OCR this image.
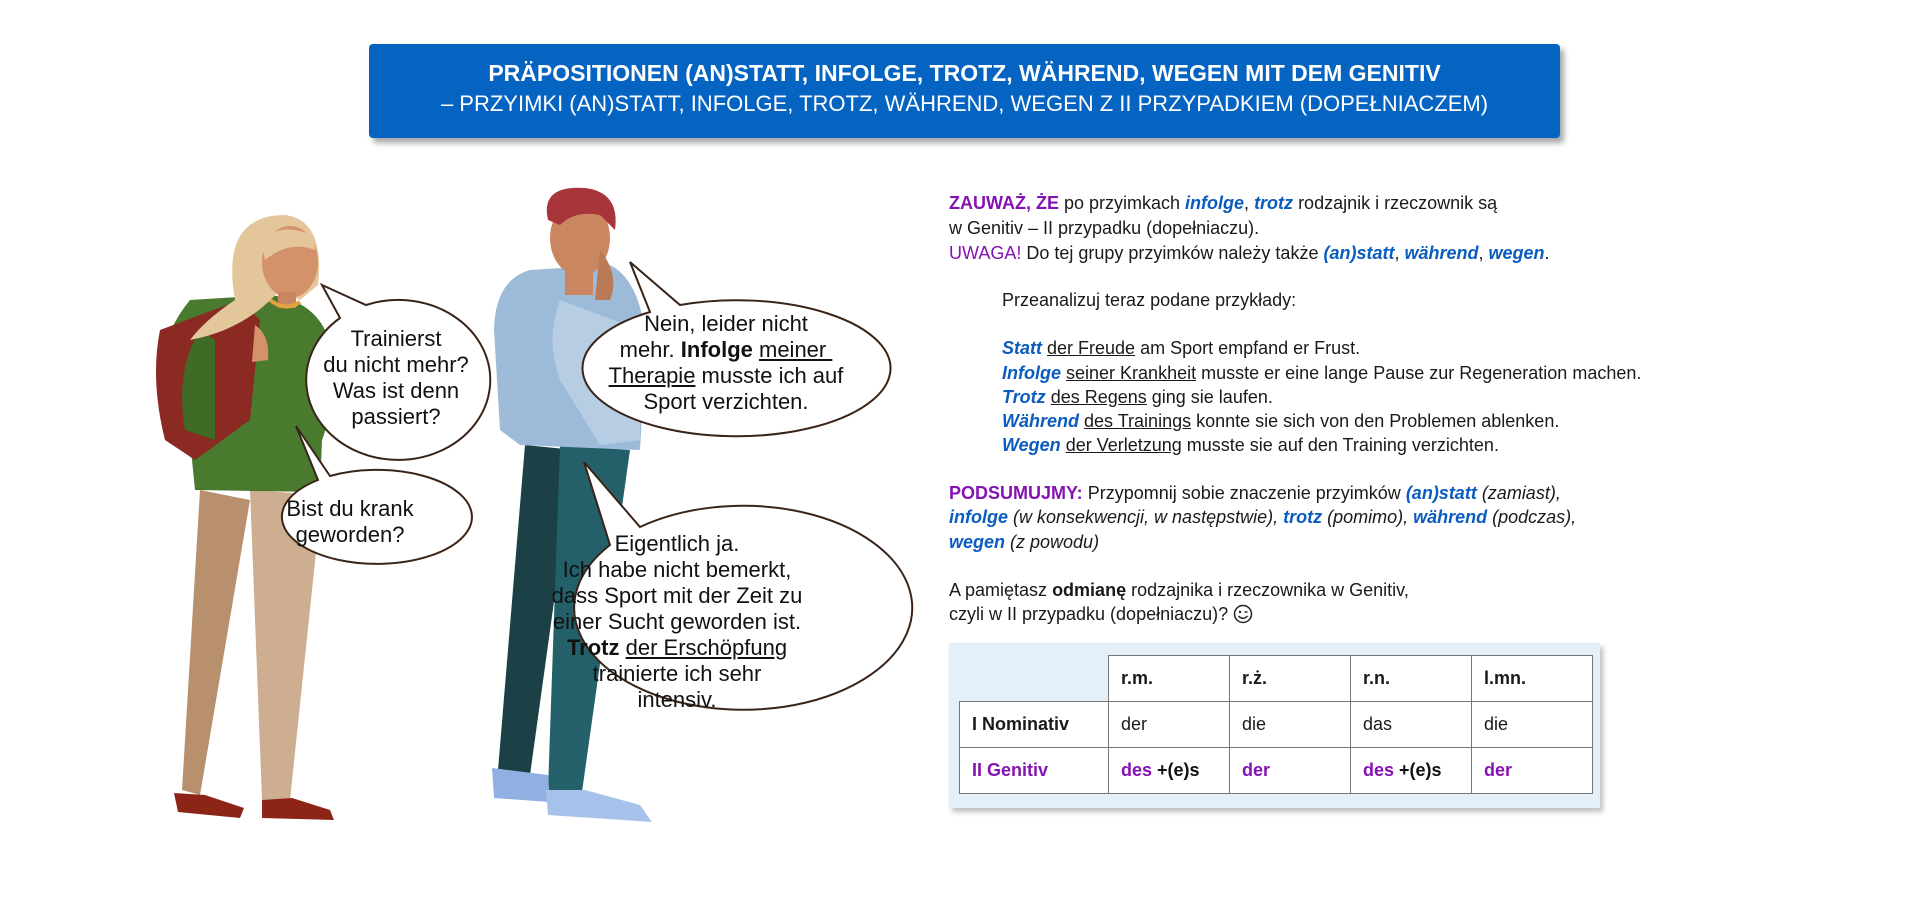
PRÄPOSITIONEN (AN)STATT, INFOLGE, TROTZ, WÄHREND, WEGEN MIT DEM GENITIV
– PRZYIMKI (AN)STATT, INFOLGE, TROTZ, WÄHREND, WEGEN Z II PRZYPADKIEM (DOPEŁNIACZEM)
Trainierst
du nicht mehr?
Was ist denn
passiert?
Bist du krank
geworden?
Nein, leider nicht
mehr. Infolge meiner
Therapie musste ich auf
Sport verzichten.
Eigentlich ja.
Ich habe nicht bemerkt,
dass Sport mit der Zeit zu
einer Sucht geworden ist.
Trotz der Erschöpfung
trainierte ich sehr
intensiv.
ZAUWAŻ, ŻE po przyimkach infolge, trotz rodzajnik i rzeczownik są
w Genitiv – II przypadku (dopełniaczu).
UWAGA! Do tej grupy przyimków należy także (an)statt, während, wegen.
Przeanalizuj teraz podane przykłady:
Statt der Freude am Sport empfand er Frust.
Infolge seiner Krankheit musste er eine lange Pause zur Regeneration machen.
Trotz des Regens ging sie laufen.
Während des Trainings konnte sie sich von den Problemen ablenken.
Wegen der Verletzung musste sie auf den Training verzichten.
PODSUMUJMY: Przypomnij sobie znaczenie przyimków (an)statt (zamiast),
infolge (w konsekwencji, w następstwie), trotz (pomimo), während (podczas),
wegen (z powodu)
A pamiętasz odmianę rodzajnika i rzeczownika w Genitiv,
czyli w II przypadku (dopełniaczu)?
	r.m.	r.ż.	r.n.	l.mn.
I Nominativ	der	die	das	die
II Genitiv	des +(e)s	der	des +(e)s	der
